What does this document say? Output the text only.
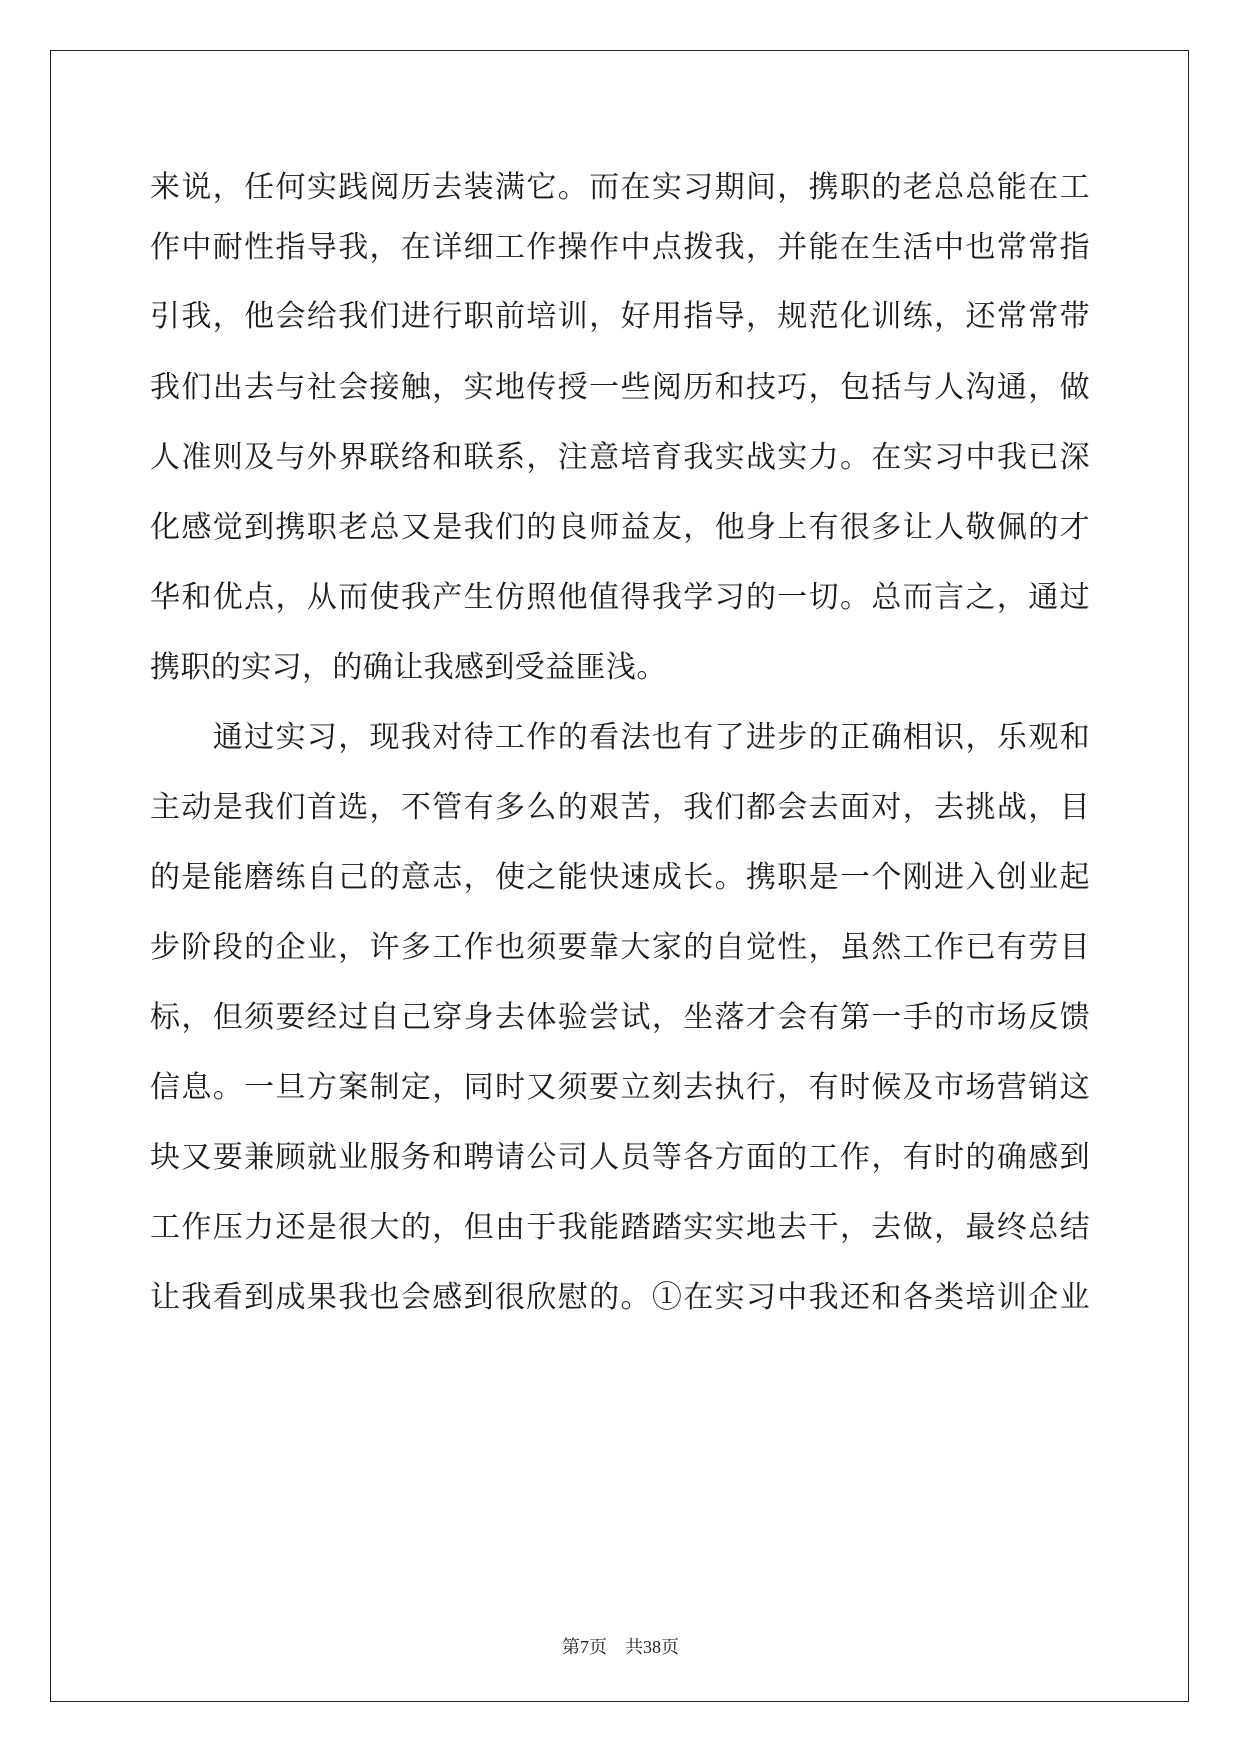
来说，任何实践阅历去装满它。而在实习期间，携职的老总总能在工
作中耐性指导我，在详细工作操作中点拨我，并能在生活中也常常指
引我，他会给我们进行职前培训，好用指导，规范化训练，还常常带
我们出去与社会接触，实地传授一些阅历和技巧，包括与人沟通，做
人准则及与外界联络和联系，注意培育我实战实力。在实习中我已深
化感觉到携职老总又是我们的良师益友，他身上有很多让人敬佩的才
华和优点，从而使我产生仿照他值得我学习的一切。总而言之，通过
携职的实习，的确让我感到受益匪浅。
　　通过实习，现我对待工作的看法也有了进步的正确相识，乐观和
主动是我们首选，不管有多么的艰苦，我们都会去面对，去挑战，目
的是能磨练自己的意志，使之能快速成长。携职是一个刚进入创业起
步阶段的企业，许多工作也须要靠大家的自觉性，虽然工作已有劳目
标，但须要经过自己穿身去体验尝试，坐落才会有第一手的市场反馈
信息。一旦方案制定，同时又须要立刻去执行，有时候及市场营销这
块又要兼顾就业服务和聘请公司人员等各方面的工作，有时的确感到
工作压力还是很大的，但由于我能踏踏实实地去干，去做，最终总结
让我看到成果我也会感到很欣慰的。①在实习中我还和各类培训企业
第7页　共38页
